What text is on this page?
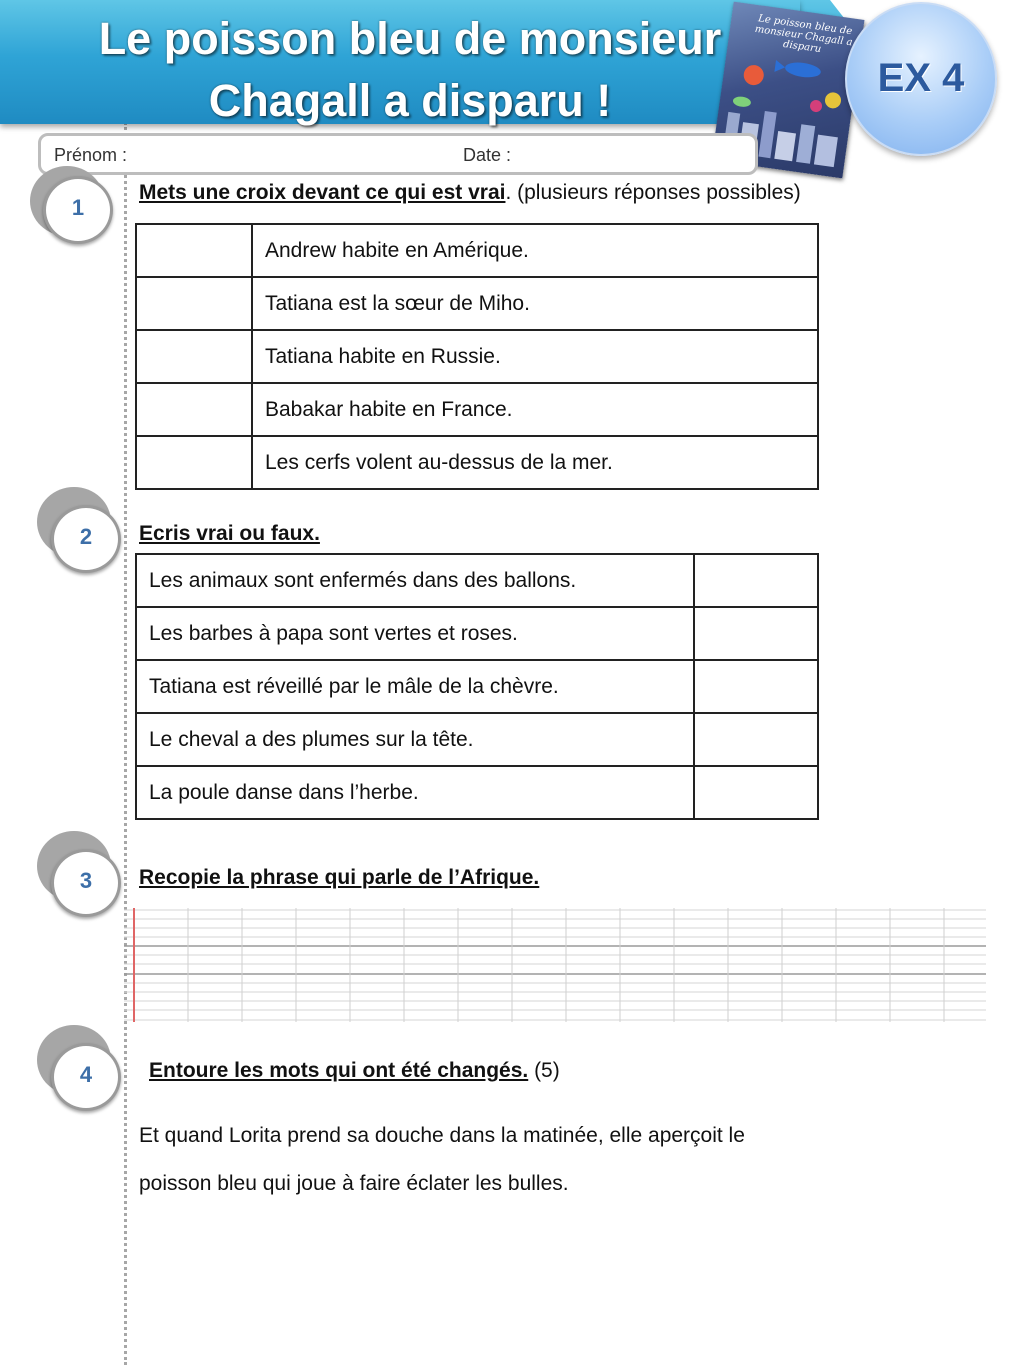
Le poisson bleu de monsieur
Chagall a disparu !
Le poisson bleu de monsieur Chagall a disparu
EX 4
Prénom :	Date :
1
Mets une croix devant ce qui est vrai. (plusieurs réponses possibles)
	Andrew habite en Amérique.
	Tatiana est la sœur de Miho.
	Tatiana habite en Russie.
	Babakar habite en France.
	Les cerfs volent au-dessus de la mer.
2	Ecris vrai ou faux.
Les animaux sont enfermés dans des ballons.	
Les barbes à papa sont vertes et roses.	
Tatiana est réveillé par le mâle de la chèvre.	
Le cheval a des plumes sur la tête.	
La poule danse dans l’herbe.	
3	Recopie la phrase qui parle de l’Afrique.
4	Entoure les mots qui ont été changés. (5)
Et quand Lorita prend sa douche dans la matinée, elle aperçoit le
poisson bleu qui joue à faire éclater les bulles.
